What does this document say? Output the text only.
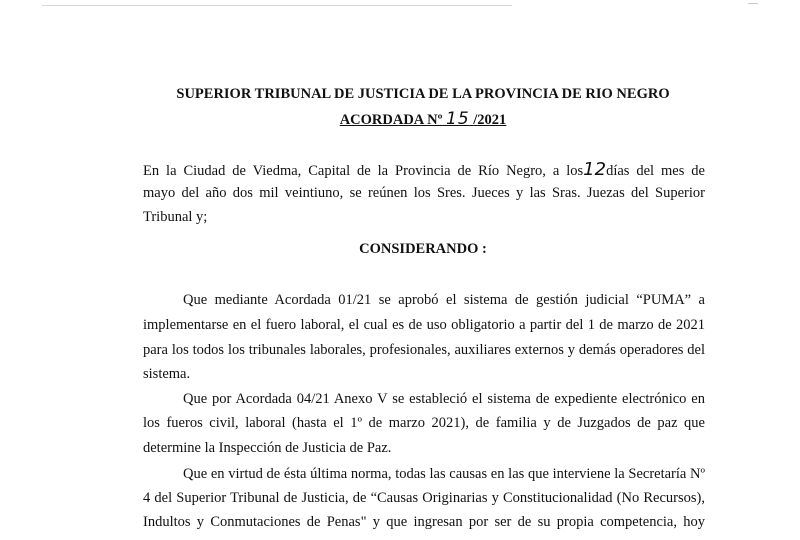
SUPERIOR TRIBUNAL DE JUSTICIA DE LA PROVINCIA DE RIO NEGRO
ACORDADA Nº 15 /2021
En la Ciudad de Viedma, Capital de la Provincia de Río Negro, a los12días del mes de
mayo del año dos mil veintiuno, se reúnen los Sres. Jueces y las Sras. Juezas del Superior
Tribunal y;
CONSIDERANDO :
Que mediante Acordada 01/21 se aprobó el sistema de gestión judicial “PUMA” a
implementarse en el fuero laboral, el cual es de uso obligatorio a partir del 1 de marzo de 2021
para los todos los tribunales laborales, profesionales, auxiliares externos y demás operadores del
sistema.
Que por Acordada 04/21 Anexo V se estableció el sistema de expediente electrónico en
los fueros civil, laboral (hasta el 1º de marzo 2021), de familia y de Juzgados de paz que
determine la Inspección de Justicia de Paz.
Que en virtud de ésta última norma, todas las causas en las que interviene la Secretaría Nº
4 del Superior Tribunal de Justicia, de “Causas Originarias y Constitucionalidad (No Recursos),
Indultos y Conmutaciones de Penas" y que ingresan por ser de su propia competencia, hoy
